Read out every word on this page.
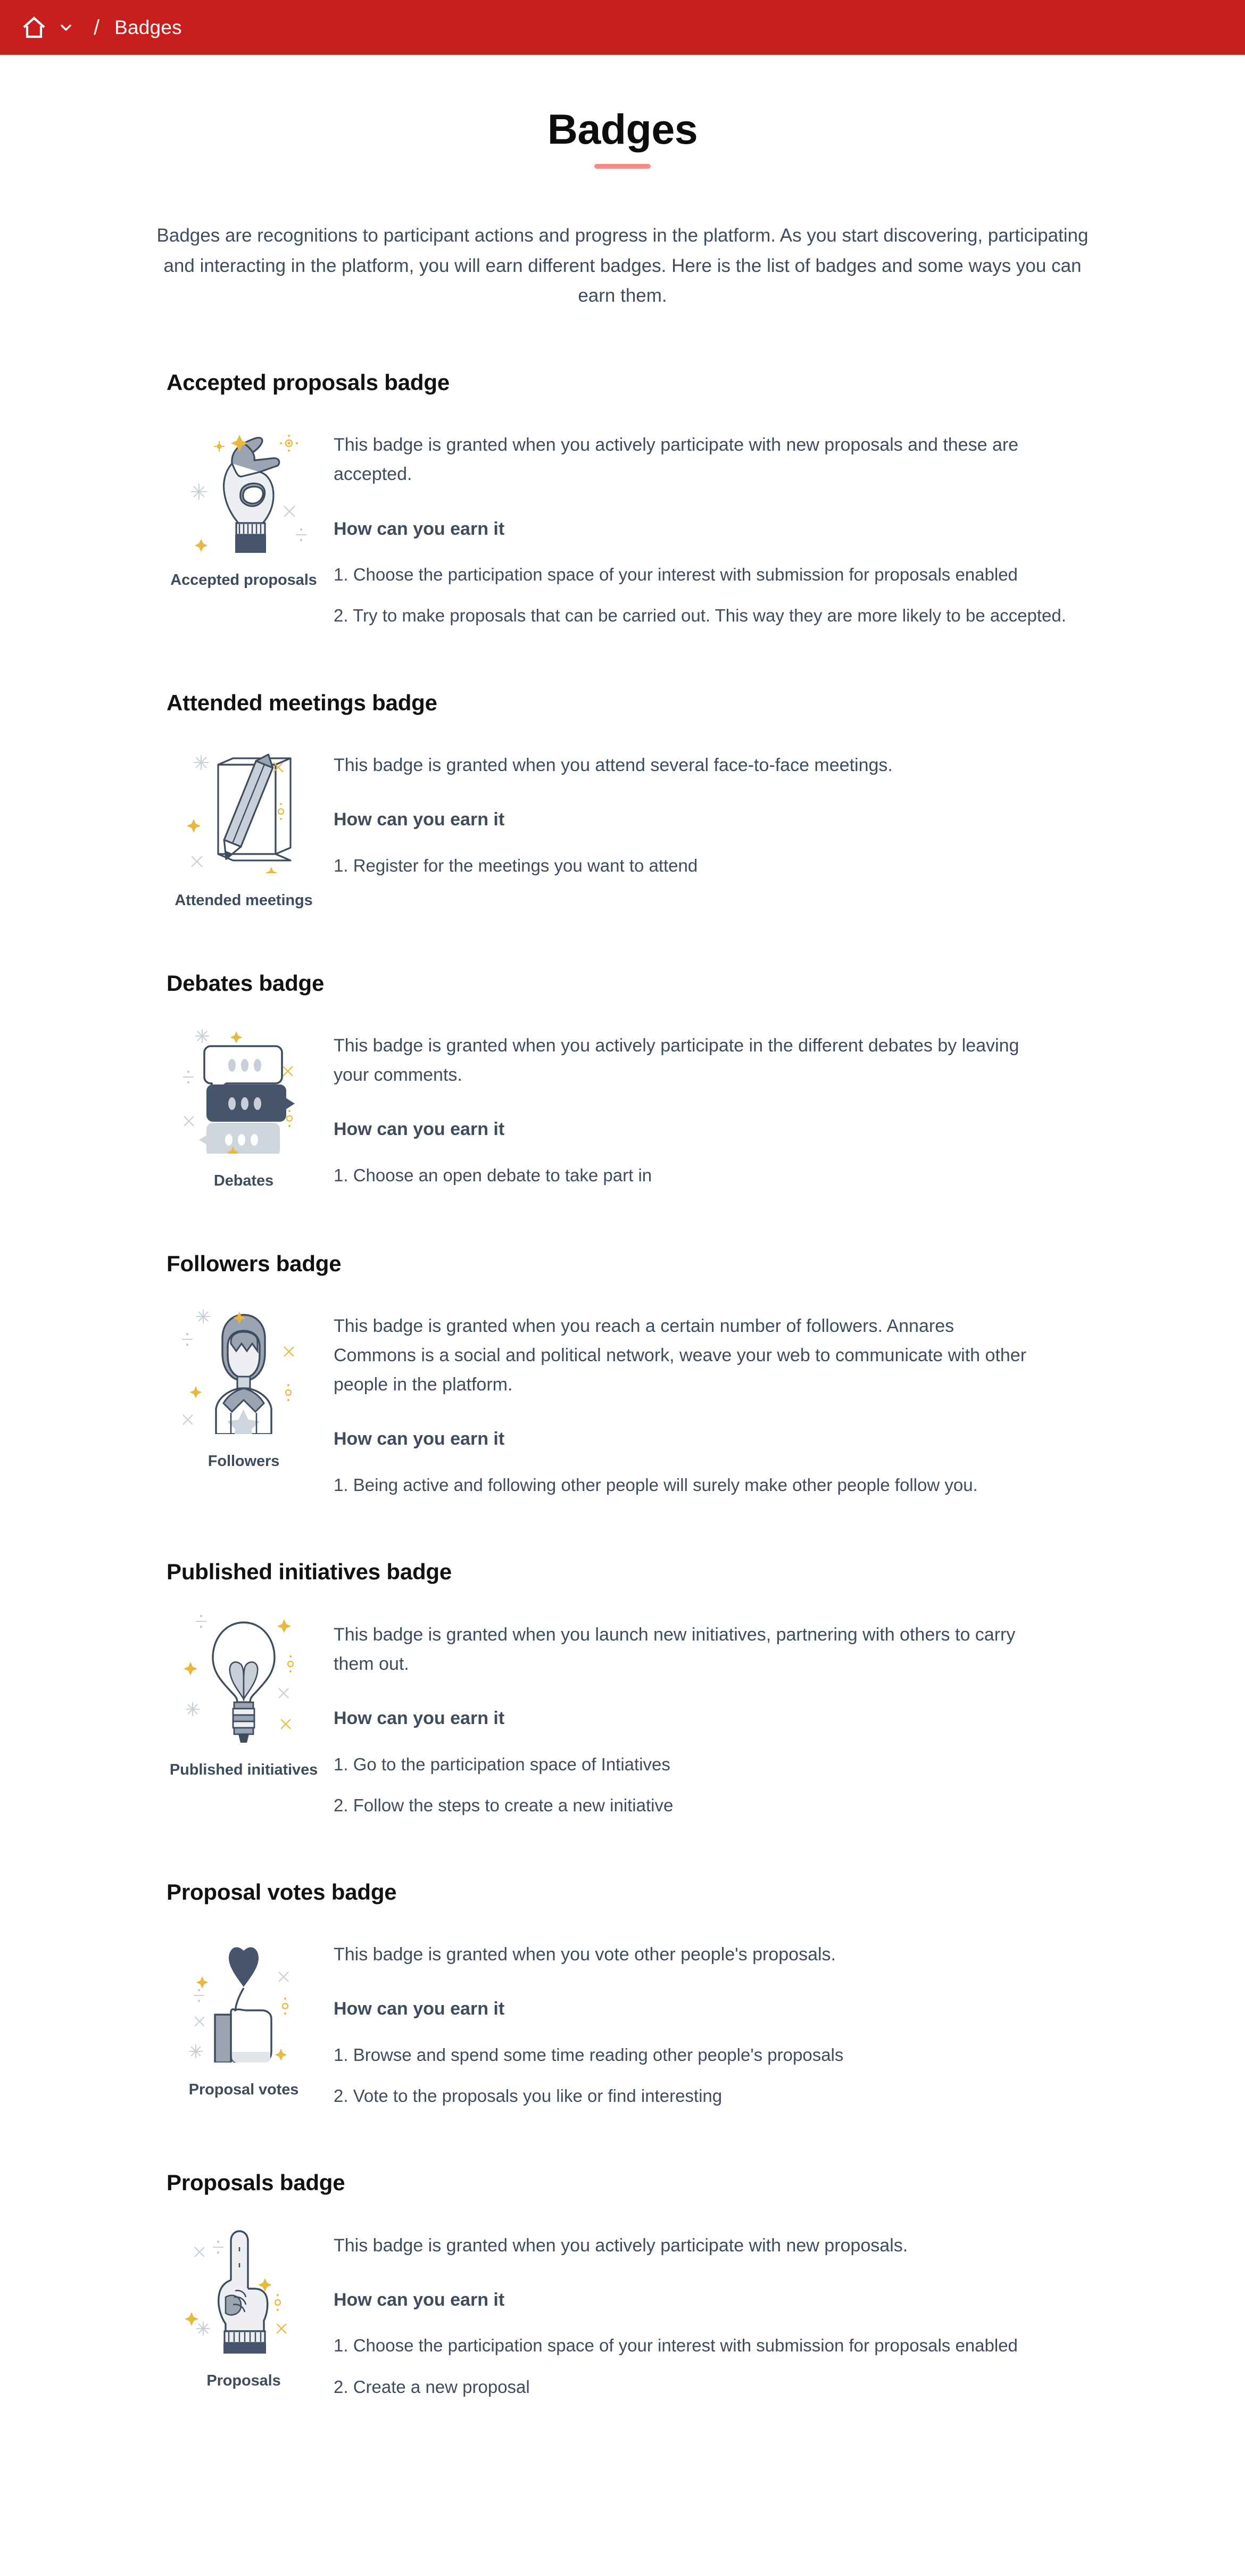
/ Badges
Badges
Badges are recognitions to participant actions and progress in the platform. As you start discovering, participating and interacting in the platform, you will earn different badges. Here is the list of badges and some ways you can earn them.
Accepted proposals badge
Accepted proposals
This badge is granted when you actively participate with new proposals and these are accepted.
How can you earn it
Choose the participation space of your interest with submission for proposals enabled
Try to make proposals that can be carried out. This way they are more likely to be accepted.
Attended meetings badge
Attended meetings
This badge is granted when you attend several face-to-face meetings.
How can you earn it
Register for the meetings you want to attend
Debates badge
Debates
This badge is granted when you actively participate in the different debates by leaving your comments.
How can you earn it
Choose an open debate to take part in
Followers badge
Followers
This badge is granted when you reach a certain number of followers. Annares Commons is a social and political network, weave your web to communicate with other people in the platform.
How can you earn it
Being active and following other people will surely make other people follow you.
Published initiatives badge
Published initiatives
This badge is granted when you launch new initiatives, partnering with others to carry them out.
How can you earn it
Go to the participation space of Intiatives
Follow the steps to create a new initiative
Proposal votes badge
Proposal votes
This badge is granted when you vote other people's proposals.
How can you earn it
Browse and spend some time reading other people's proposals
Vote to the proposals you like or find interesting
Proposals badge
Proposals
This badge is granted when you actively participate with new proposals.
How can you earn it
Choose the participation space of your interest with submission for proposals enabled
Create a new proposal
